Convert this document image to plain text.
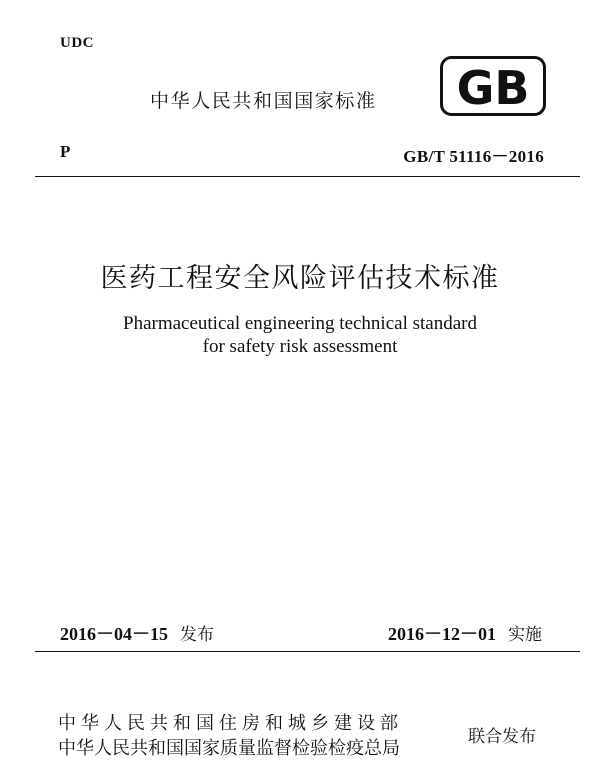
UDC
中华人民共和国国家标准 GB
P	GB/T 51116－2016
医药工程安全风险评估技术标准
Pharmaceutical engineering technical standard
for safety risk assessment
2016－04－15 发布	2016－12－01 实施
中华人民共和国住房和城乡建设部
中华人民共和国国家质量监督检验检疫总局
联合发布
